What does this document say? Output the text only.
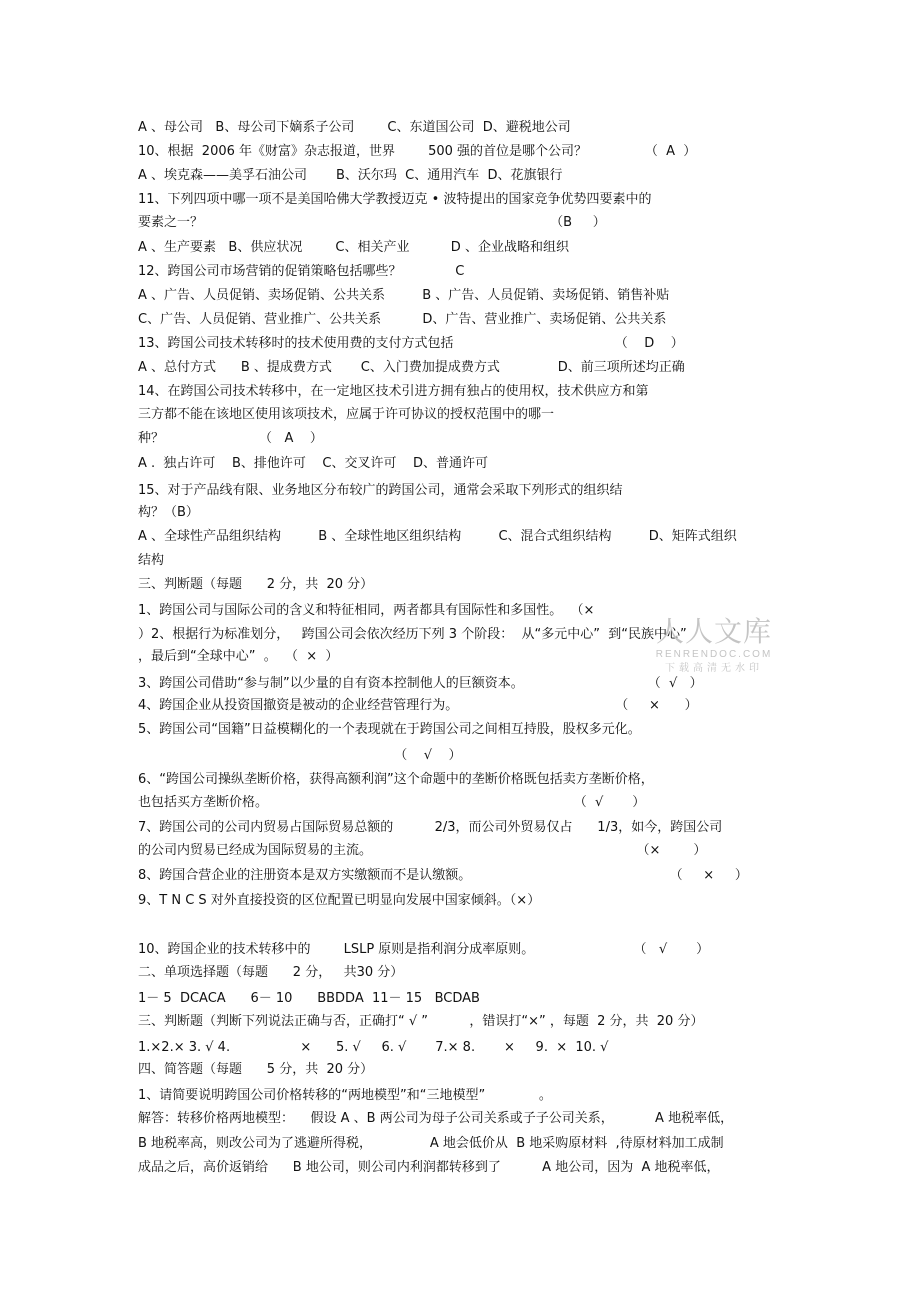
A 、母公司   B、母公司下嫡系子公司        C、东道国公司  D、避税地公司
10、根据  2006 年《财富》杂志报道，世界        500 强的首位是哪个公司？              （  A  ）
A 、埃克森——美孚石油公司       B、沃尔玛  C、通用汽车  D、花旗银行
11、下列四项中哪一项不是美国哈佛大学教授迈克 • 波特提出的国家竞争优势四要素中的
要素之一？                                                                                    （B     ）
A 、生产要素   B、供应状况        C、相关产业          D 、企业战略和组织
12、跨国公司市场营销的促销策略包括哪些？             C
A 、广告、人员促销、卖场促销、公共关系         B 、广告、人员促销、卖场促销、销售补贴
C、广告、人员促销、营业推广、公共关系          D、广告、营业推广、卖场促销、公共关系
13、跨国公司技术转移时的技术使用费的支付方式包括                                       （    D    ）
A 、总付方式      B 、提成费方式       C、入门费加提成费方式              D、前三项所述均正确
14、在跨国公司技术转移中，在一定地区技术引进方拥有独占的使用权，技术供应方和第
三方都不能在该地区使用该项技术，应属于许可协议的授权范围中的哪一
种？                       （   A    ）
A .  独占许可    B、排他许可    C、交叉许可    D、普通许可
15、对于产品线有限、业务地区分布较广的跨国公司，通常会采取下列形式的组织结
构？（B）
A 、全球性产品组织结构         B 、全球性地区组织结构         C、混合式组织结构         D、矩阵式组织
结构
三、判断题（每题      2 分，共  20 分）
1、跨国公司与国际公司的含义和特征相同，两者都具有国际性和多国性。  （×
）2、根据行为标准划分，   跨国公司会依次经历下列 3 个阶段：  从“多元中心”  到“民族中心”
，最后到“全球中心”  。  （  ×  ）
3、跨国公司借助“参与制”以少量的自有资本控制他人的巨额资本。                              （  √   ）
4、跨国企业从投资国撤资是被动的企业经营管理行为。                                      （     ×      ）
5、跨国公司“国籍”日益模糊化的一个表现就在于跨国公司之间相互持股，股权多元化。
（    √    ）
6、“跨国公司操纵垄断价格，获得高额利润”这个命题中的垄断价格既包括卖方垄断价格，
也包括买方垄断价格。                                                                          （  √       ）
7、跨国公司的公司内贸易占国际贸易总额的          2/3，而公司外贸易仅占      1/3，如今，跨国公司
的公司内贸易已经成为国际贸易的主流。                                                                （×        ）
8、跨国合营企业的注册资本是双方实缴额而不是认缴额。                                                （     ×     ）
9、T N C S 对外直接投资的区位配置已明显向发展中国家倾斜。（×）
10、跨国企业的技术转移中的        LSLP 原则是指利润分成率原则。                        （   √       ）
二、单项选择题（每题      2 分，   共30 分）
1－ 5  DCACA      6－ 10      BBDDA  11－ 15   BCDAB
三、判断题（判断下列说法正确与否，正确打“ √ ”          ，错误打“×” ，每题  2 分，共  20 分）
1.×2.× 3. √ 4.                 ×      5. √     6. √       7.× 8.       ×     9.  ×  10. √
四、简答题（每题      5 分，共  20 分）
1、请简要说明跨国公司价格转移的“两地模型”和“三地模型”             。
解答：转移价格两地模型：    假设 A 、B 两公司为母子公司关系或子子公司关系，          A 地税率低，
B 地税率高，则改公司为了逃避所得税，              A 地会低价从  B 地采购原材料  ,待原材料加工成制
成品之后，高价返销给      B 地公司，则公司内利润都转移到了          A 地公司，因为  A 地税率低，
人人文库
RENRENDOC.COM
下载高清无水印
